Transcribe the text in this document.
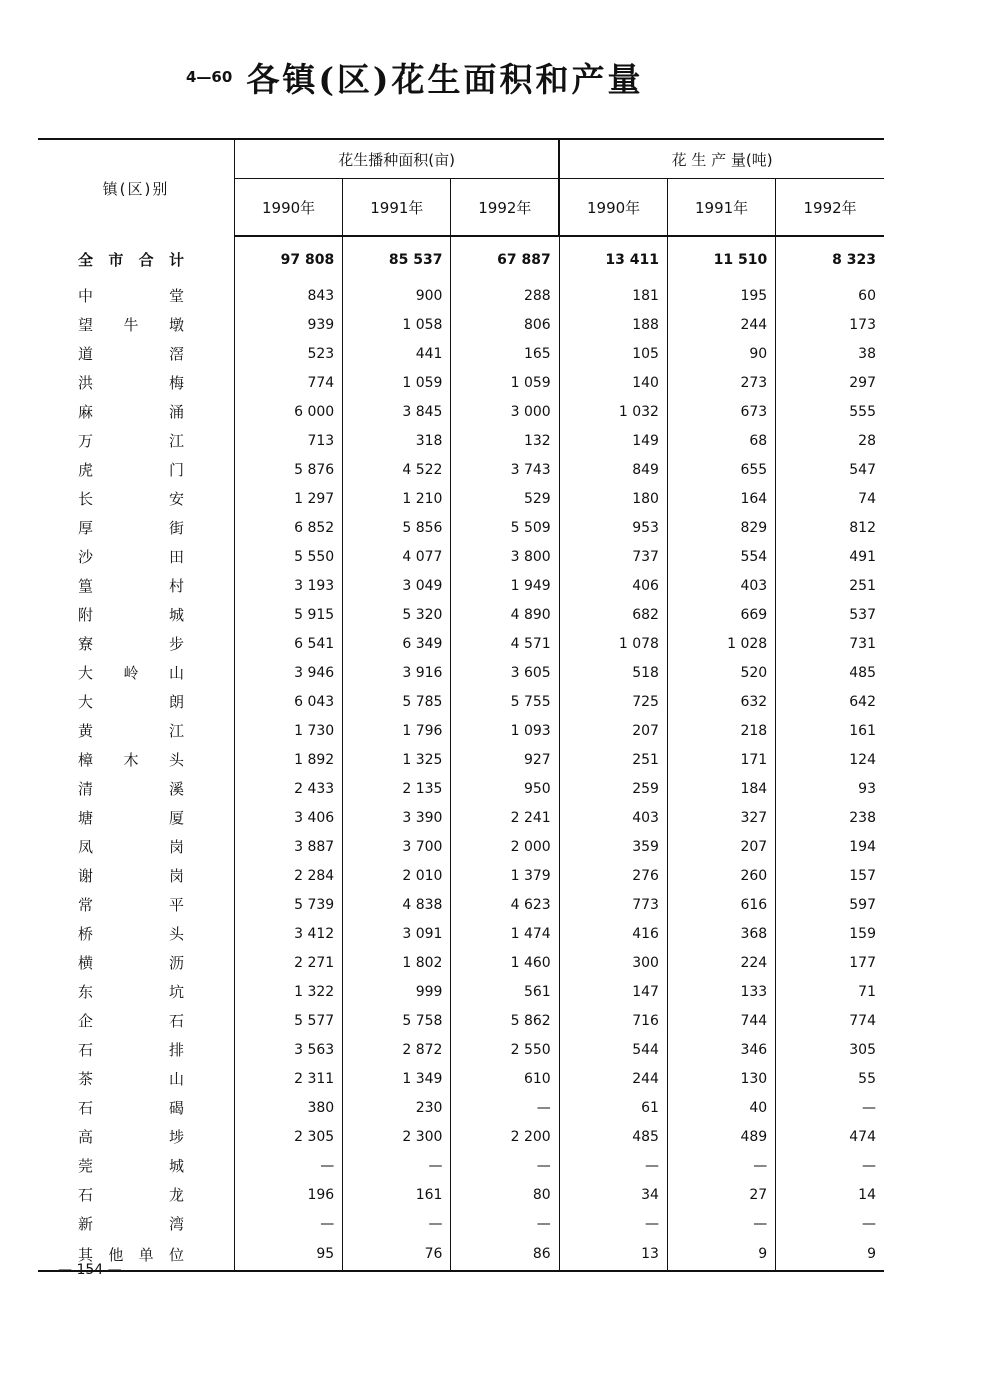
4—60 各镇(区)花生面积和产量
镇(区)别	花生播种面积(亩)			花 生 产 量(吨)		
	1990年	1991年	1992年	1990年	1991年	1992年

全 市 合 计	97 808	85 537	67 887	13 411	11 510	8 323

中 堂	843	900	288	181	195	60

望 牛 墩	939	1 058	806	188	244	173

道 滘	523	441	165	105	90	38

洪 梅	774	1 059	1 059	140	273	297

麻 涌	6 000	3 845	3 000	1 032	673	555

万 江	713	318	132	149	68	28

虎 门	5 876	4 522	3 743	849	655	547

长 安	1 297	1 210	529	180	164	74

厚 街	6 852	5 856	5 509	953	829	812

沙 田	5 550	4 077	3 800	737	554	491

篁 村	3 193	3 049	1 949	406	403	251

附 城	5 915	5 320	4 890	682	669	537

寮 步	6 541	6 349	4 571	1 078	1 028	731

大 岭 山	3 946	3 916	3 605	518	520	485

大 朗	6 043	5 785	5 755	725	632	642

黄 江	1 730	1 796	1 093	207	218	161

樟 木 头	1 892	1 325	927	251	171	124

清 溪	2 433	2 135	950	259	184	93

塘 厦	3 406	3 390	2 241	403	327	238

凤 岗	3 887	3 700	2 000	359	207	194

谢 岗	2 284	2 010	1 379	276	260	157

常 平	5 739	4 838	4 623	773	616	597

桥 头	3 412	3 091	1 474	416	368	159

横 沥	2 271	1 802	1 460	300	224	177

东 坑	1 322	999	561	147	133	71

企 石	5 577	5 758	5 862	716	744	774

石 排	3 563	2 872	2 550	544	346	305

茶 山	2 311	1 349	610	244	130	55

石 碣	380	230	—	61	40	—

高 埗	2 305	2 300	2 200	485	489	474

莞 城	—	—	—	—	—	—

石 龙	196	161	80	34	27	14

新 湾	—	—	—	—	—	—

其 他 单 位	95	76	86	13	9	9
— 154 —
